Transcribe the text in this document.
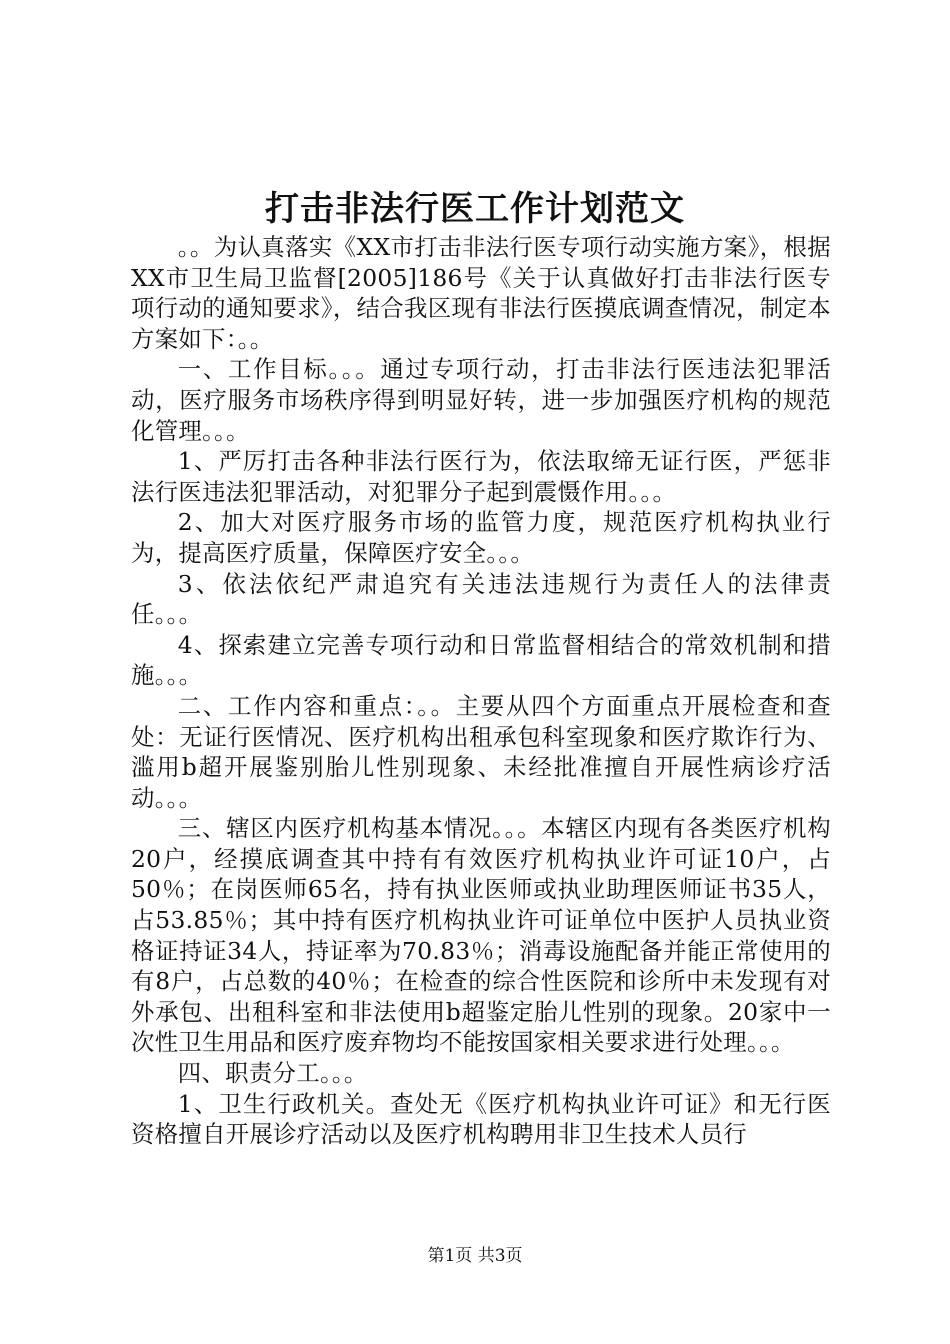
打击非法行医工作计划范文

。。为认真落实《XX市打击非法行医专项行动实施方案》，根据XX市卫生局卫监督[2005]186号《关于认真做好打击非法行医专项行动的通知要求》，结合我区现有非法行医摸底调查情况，制定本方案如下：。。

一、工作目标。。。通过专项行动，打击非法行医违法犯罪活动，医疗服务市场秩序得到明显好转，进一步加强医疗机构的规范化管理。。。

1、严厉打击各种非法行医行为，依法取缔无证行医，严惩非法行医违法犯罪活动，对犯罪分子起到震慑作用。。。

2、加大对医疗服务市场的监管力度，规范医疗机构执业行为，提高医疗质量，保障医疗安全。。。

3、依法依纪严肃追究有关违法违规行为责任人的法律责任。。。

4、探索建立完善专项行动和日常监督相结合的常效机制和措施。。。

二、工作内容和重点：。。主要从四个方面重点开展检查和查处：无证行医情况、医疗机构出租承包科室现象和医疗欺诈行为、滥用b超开展鉴别胎儿性别现象、未经批准擅自开展性病诊疗活动。。。

三、辖区内医疗机构基本情况。。。本辖区内现有各类医疗机构20户，经摸底调查其中持有有效医疗机构执业许可证10户，占50％；在岗医师65名，持有执业医师或执业助理医师证书35人，占53.85％；其中持有医疗机构执业许可证单位中医护人员执业资格证持证34人，持证率为70.83％；消毒设施配备并能正常使用的有8户，占总数的40％；在检查的综合性医院和诊所中未发现有对外承包、出租科室和非法使用b超鉴定胎儿性别的现象。20家中一次性卫生用品和医疗废弃物均不能按国家相关要求进行处理。。。

四、职责分工。。。

1、卫生行政机关。查处无《医疗机构执业许可证》和无行医资格擅自开展诊疗活动以及医疗机构聘用非卫生技术人员行

第1页 共3页
